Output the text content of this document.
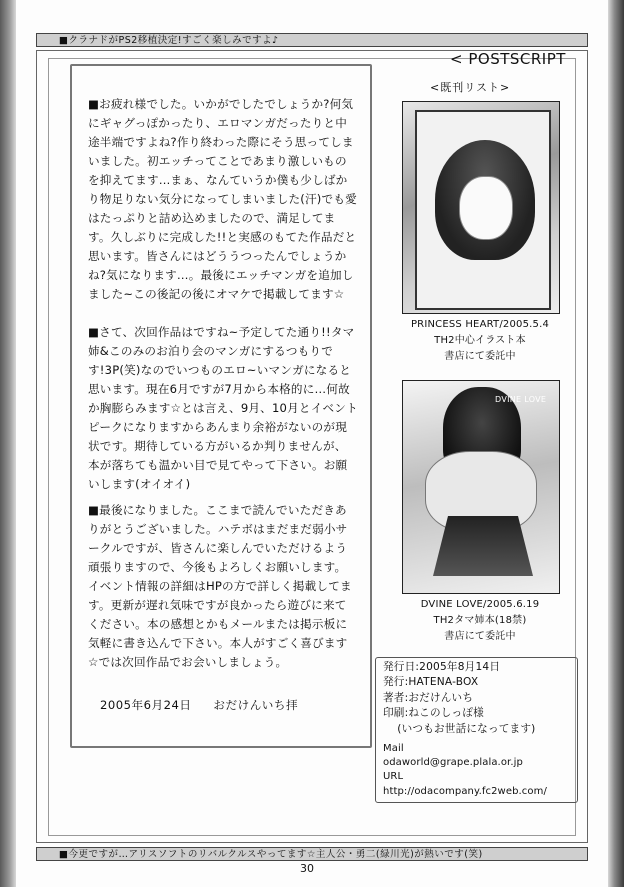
■クラナドがPS2移植決定!すごく楽しみですよ♪
■お疲れ様でした。いかがでしたでしょうか?何気にギャグっぽかったり、エロマンガだったりと中途半端ですよね?作り終わった際にそう思ってしまいました。初エッチってことであまり激しいものを抑えてます…まぁ、なんていうか僕も少しばかり物足りない気分になってしまいました(汗)でも愛はたっぷりと詰め込めましたので、満足してます。久しぶりに完成した!!と実感のもてた作品だと思います。皆さんにはどううつったんでしょうかね?気になります…。最後にエッチマンガを追加しました~この後記の後にオマケで掲載してます☆
■さて、次回作品はですね~予定してた通り!!タマ姉&このみのお泊り会のマンガにするつもりです!3P(笑)なのでいつものエロ~いマンガになると思います。現在6月ですが7月から本格的に…何故か胸膨らみます☆とは言え、9月、10月とイベントピークになりますからあんまり余裕がないのが現状です。期待している方がいるか判りませんが、本が落ちても温かい目で見てやって下さい。お願いします(オイオイ)
■最後になりました。ここまで読んでいただきありがとうございました。ハテボはまだまだ弱小サークルですが、皆さんに楽しんでいただけるよう頑張りますので、今後もよろしくお願いします。イベント情報の詳細はHPの方で詳しく掲載してます。更新が遅れ気味ですが良かったら遊びに来てください。本の感想とかもメールまたは掲示板に気軽に書き込んで下さい。本人がすごく喜びます☆では次回作品でお会いしましょう。
2005年6月24日 おだけんいち拝
< POSTSCRIPT
<既刊リスト>
PRINCESS HEART/2005.5.4
TH2中心イラスト本
書店にて委託中
DVINE LOVE
DVINE LOVE/2005.6.19
TH2タマ姉本(18禁)
書店にて委託中
発行日:2005年8月14日
発行:HATENA-BOX
著者:おだけんいち
印刷:ねこのしっぽ様
(いつもお世話になってます)
Mail
odaworld@grape.plala.or.jp
URL
http://odacompany.fc2web.com/
■今更ですが…アリスソフトのリバルクルスやってます☆主人公・勇二(緑川光)が熱いです(笑)
30
